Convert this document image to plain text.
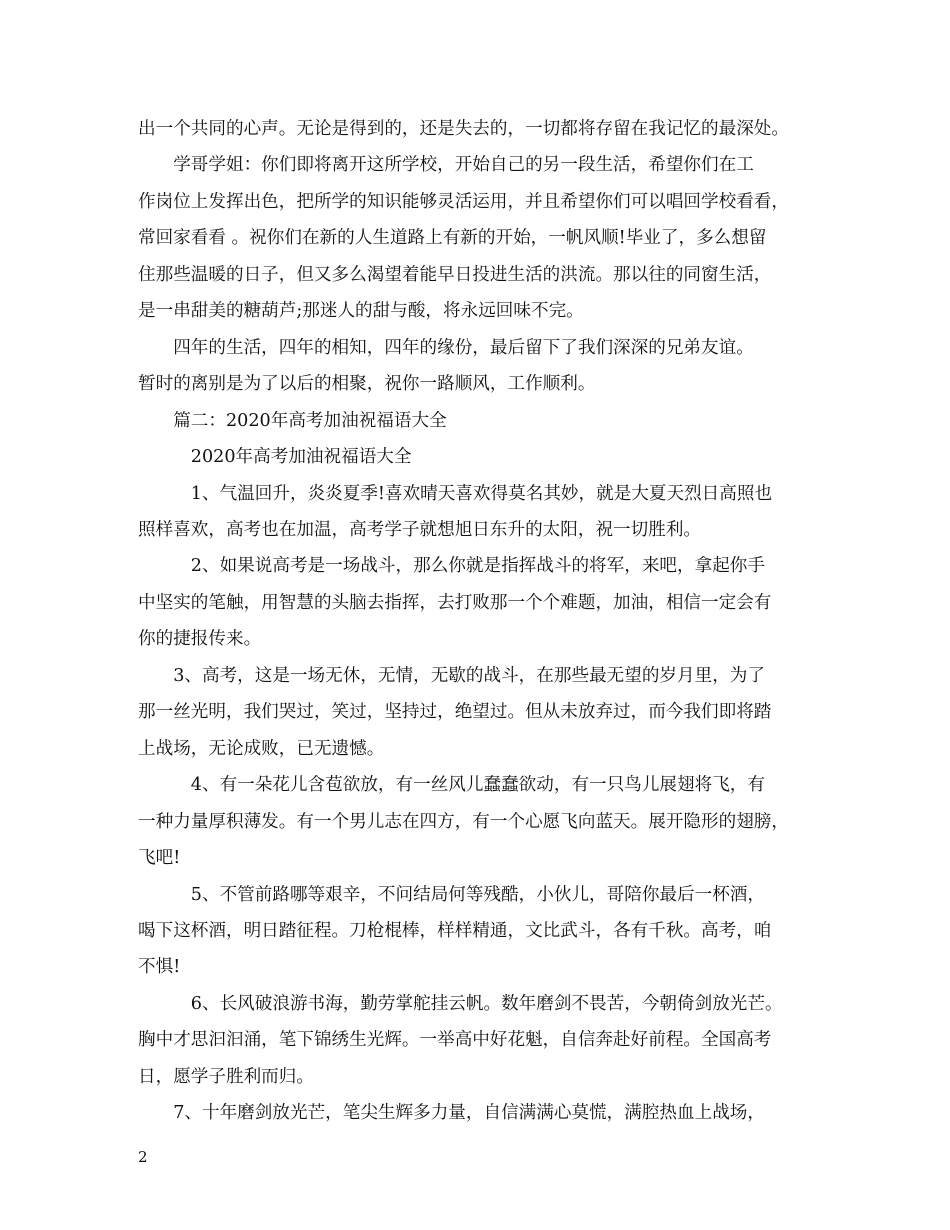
出一个共同的心声。无论是得到的，还是失去的，一切都将存留在我记忆的最深处。
　　学哥学姐：你们即将离开这所学校，开始自己的另一段生活，希望你们在工
作岗位上发挥出色，把所学的知识能够灵活运用，并且希望你们可以唱回学校看看，
常回家看看 。祝你们在新的人生道路上有新的开始，一帆风顺!毕业了，多么想留
住那些温暖的日子，但又多么渴望着能早日投进生活的洪流。那以往的同窗生活，
是一串甜美的糖葫芦;那迷人的甜与酸，将永远回味不完。
　　四年的生活，四年的相知，四年的缘份，最后留下了我们深深的兄弟友谊。
暂时的离别是为了以后的相聚，祝你一路顺风，工作顺利。
　　篇二：2020年高考加油祝福语大全
　　　2020年高考加油祝福语大全
　　　1、气温回升，炎炎夏季!喜欢晴天喜欢得莫名其妙，就是大夏天烈日高照也
照样喜欢，高考也在加温，高考学子就想旭日东升的太阳，祝一切胜利。
　　　2、如果说高考是一场战斗，那么你就是指挥战斗的将军，来吧，拿起你手
中坚实的笔触，用智慧的头脑去指挥，去打败那一个个难题，加油，相信一定会有
你的捷报传来。
　　3、高考，这是一场无休，无情，无歇的战斗，在那些最无望的岁月里，为了
那一丝光明，我们哭过，笑过，坚持过，绝望过。但从未放弃过，而今我们即将踏
上战场，无论成败，已无遗憾。
　　　4、有一朵花儿含苞欲放，有一丝风儿蠢蠢欲动，有一只鸟儿展翅将飞，有
一种力量厚积薄发。有一个男儿志在四方，有一个心愿飞向蓝天。展开隐形的翅膀，
飞吧!
　　　5、不管前路哪等艰辛，不问结局何等残酷，小伙儿，哥陪你最后一杯酒，
喝下这杯酒，明日踏征程。刀枪棍棒，样样精通，文比武斗，各有千秋。高考，咱
不惧!
　　　6、长风破浪游书海，勤劳掌舵挂云帆。数年磨剑不畏苦，今朝倚剑放光芒。
胸中才思汩汩涌，笔下锦绣生光辉。一举高中好花魁，自信奔赴好前程。全国高考
日，愿学子胜利而归。
　　7、十年磨剑放光芒，笔尖生辉多力量，自信满满心莫慌，满腔热血上战场，
2
